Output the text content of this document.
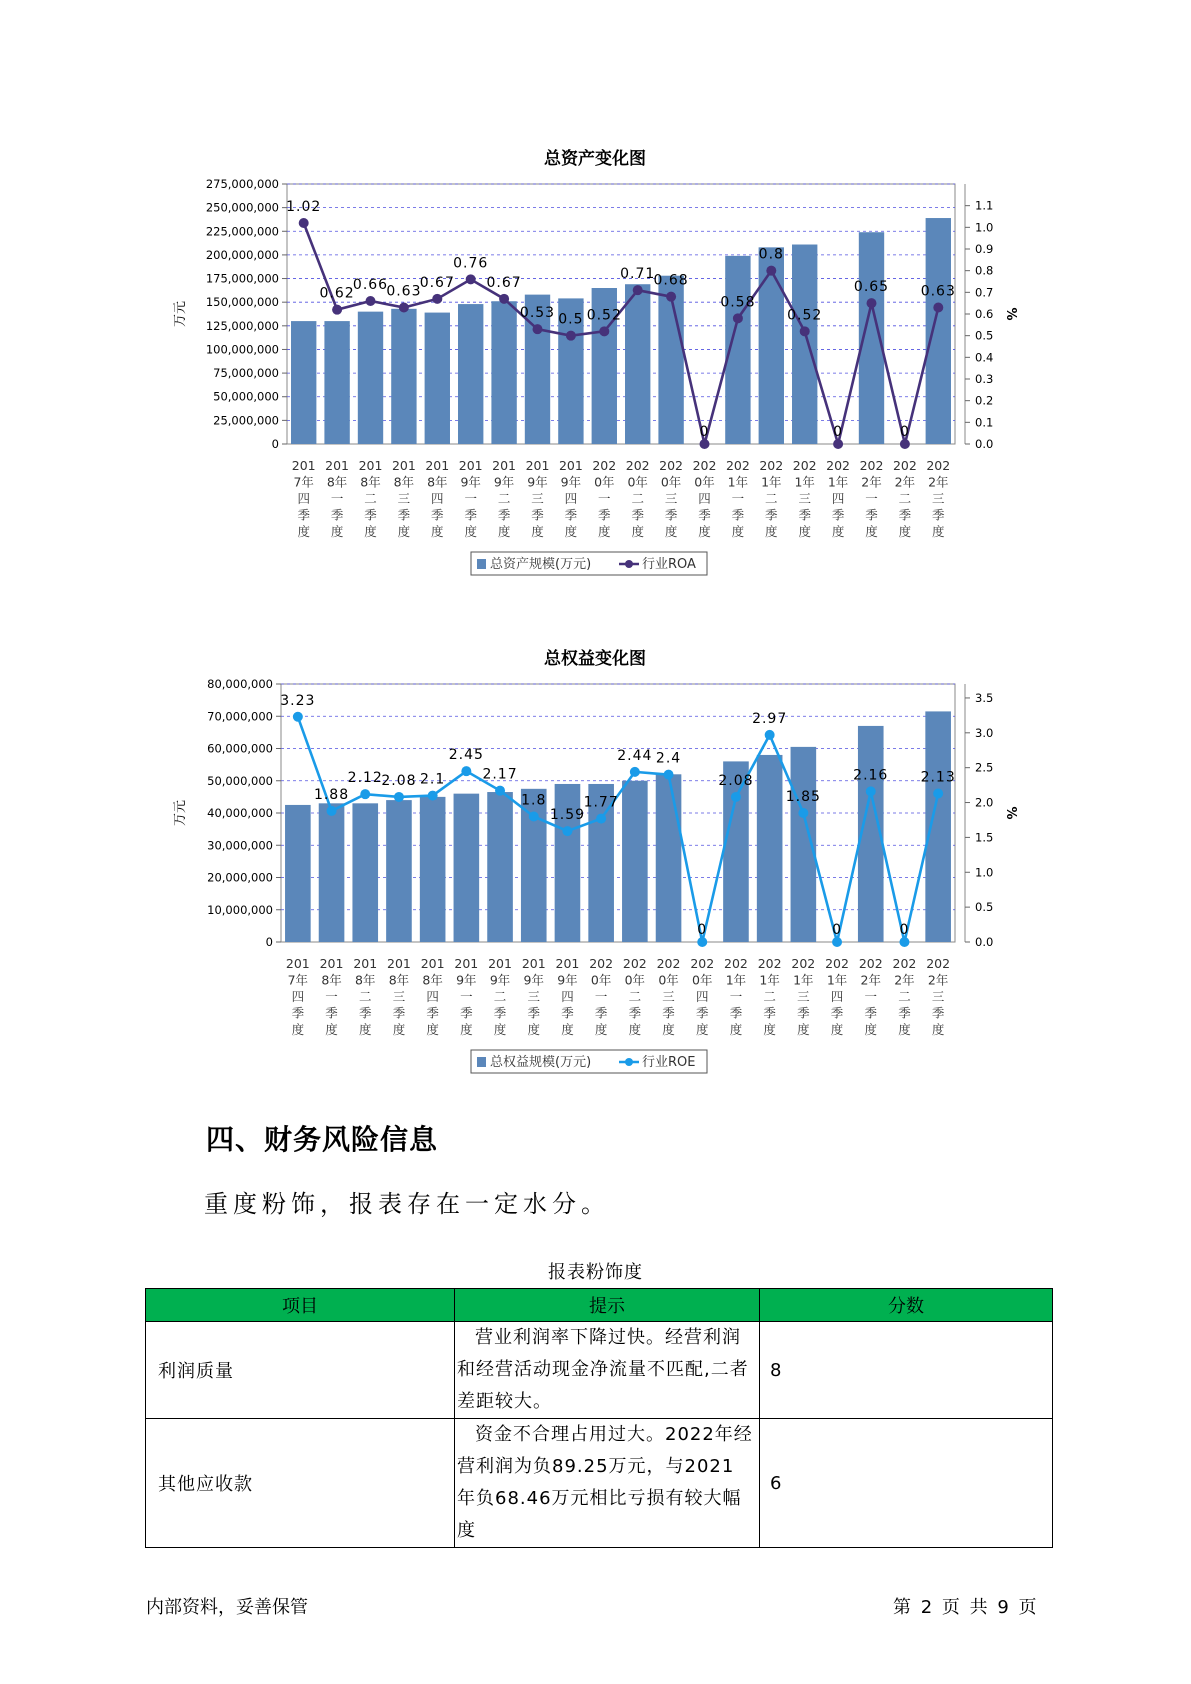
总资产变化图
0
25,000,000
50,000,000
75,000,000
100,000,000
125,000,000
150,000,000
175,000,000
200,000,000
225,000,000
250,000,000
275,000,000
0.0
0.1
0.2
0.3
0.4
0.5
0.6
0.7
0.8
0.9
1.0
1.1
万元	%
1.02
0.62
0.66
0.63
0.67
0.76
0.67
0.53 0.5 0.52
0.71
0.68
0
0.58
0.8
0.52
0
0.65
0
0.63
201
7年
四
季
度
201
8年
一
季
度
201
8年
二
季
度
201
8年
三
季
度
201
8年
四
季
度
201
9年
一
季
度
201
9年
二
季
度
201
9年
三
季
度
201
9年
四
季
度
202
0年
一
季
度
202
0年
二
季
度
202
0年
三
季
度
202
0年
四
季
度
202
1年
一
季
度
202
1年
二
季
度
202
1年
三
季
度
202
1年
四
季
度
202
2年
一
季
度
202
2年
二
季
度
202
2年
三
季
度
总资产规模(万元)	行业ROA
总权益变化图
0
10,000,000
20,000,000
30,000,000
40,000,000
50,000,000
60,000,000
70,000,000
80,000,000
0.0
0.5
1.0
1.5
2.0
2.5
3.0
3.5
万元	%
3.23
1.88
2.12
2.08 2.1
2.45
2.17
1.8
1.59
1.77
2.44 2.4
0
2.08
2.97
1.85
0
2.16
0
2.13
201
7年
四
季
度
201
8年
一
季
度
201
8年
二
季
度
201
8年
三
季
度
201
8年
四
季
度
201
9年
一
季
度
201
9年
二
季
度
201
9年
三
季
度
201
9年
四
季
度
202
0年
一
季
度
202
0年
二
季
度
202
0年
三
季
度
202
0年
四
季
度
202
1年
一
季
度
202
1年
二
季
度
202
1年
三
季
度
202
1年
四
季
度
202
2年
一
季
度
202
2年
二
季
度
202
2年
三
季
度
总权益规模(万元)	行业ROE
四、财务风险信息

重度粉饰，报表存在一定水分。

报表粉饰度
项目	提示	分数
利润质量	营业利润率下降过快。经营利润和经营活动现金净流量不匹配,二者差距较大。	8
其他应收款	资金不合理占用过大。2022年经营利润为负89.25万元，与2021年负68.46万元相比亏损有较大幅度	6
内部资料，妥善保管	第 2 页 共 9 页
